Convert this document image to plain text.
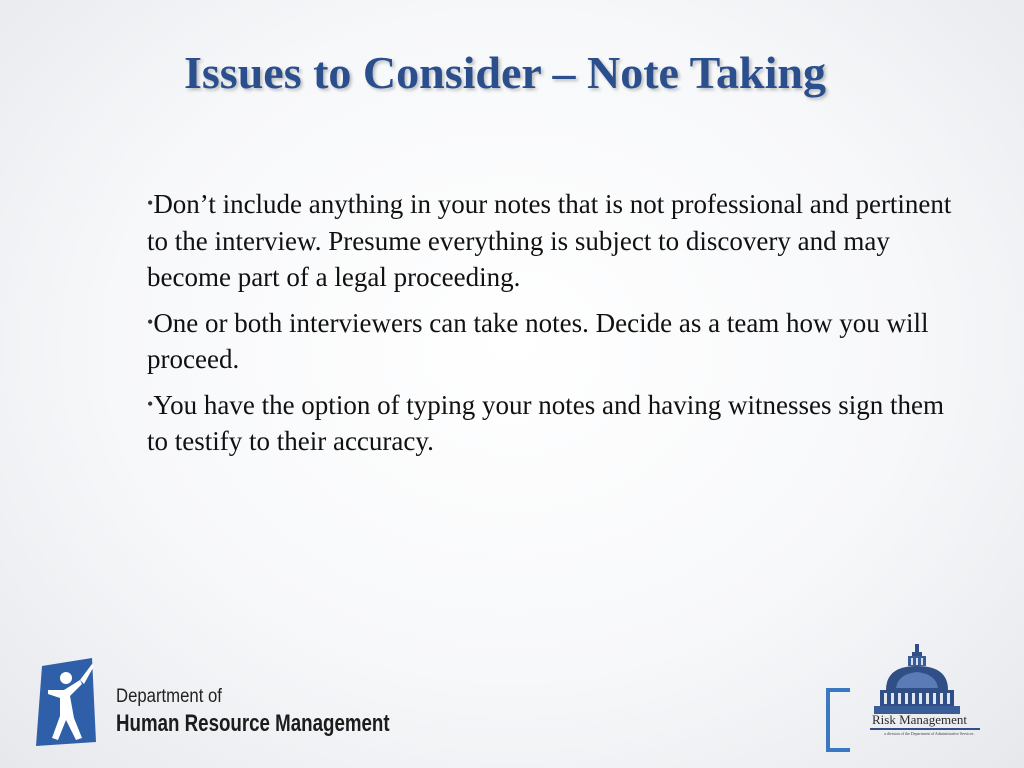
Issues to Consider – Note Taking
•Don’t include anything in your notes that is not professional and pertinent to the interview. Presume everything is subject to discovery and may become part of a legal proceeding.
•One or both interviewers can take notes. Decide as a team how you will proceed.
•You have the option of typing your notes and having witnesses sign them to testify to their accuracy.
Department of
Human Resource Management	Risk Management
a division of the Department of Administrative Services
